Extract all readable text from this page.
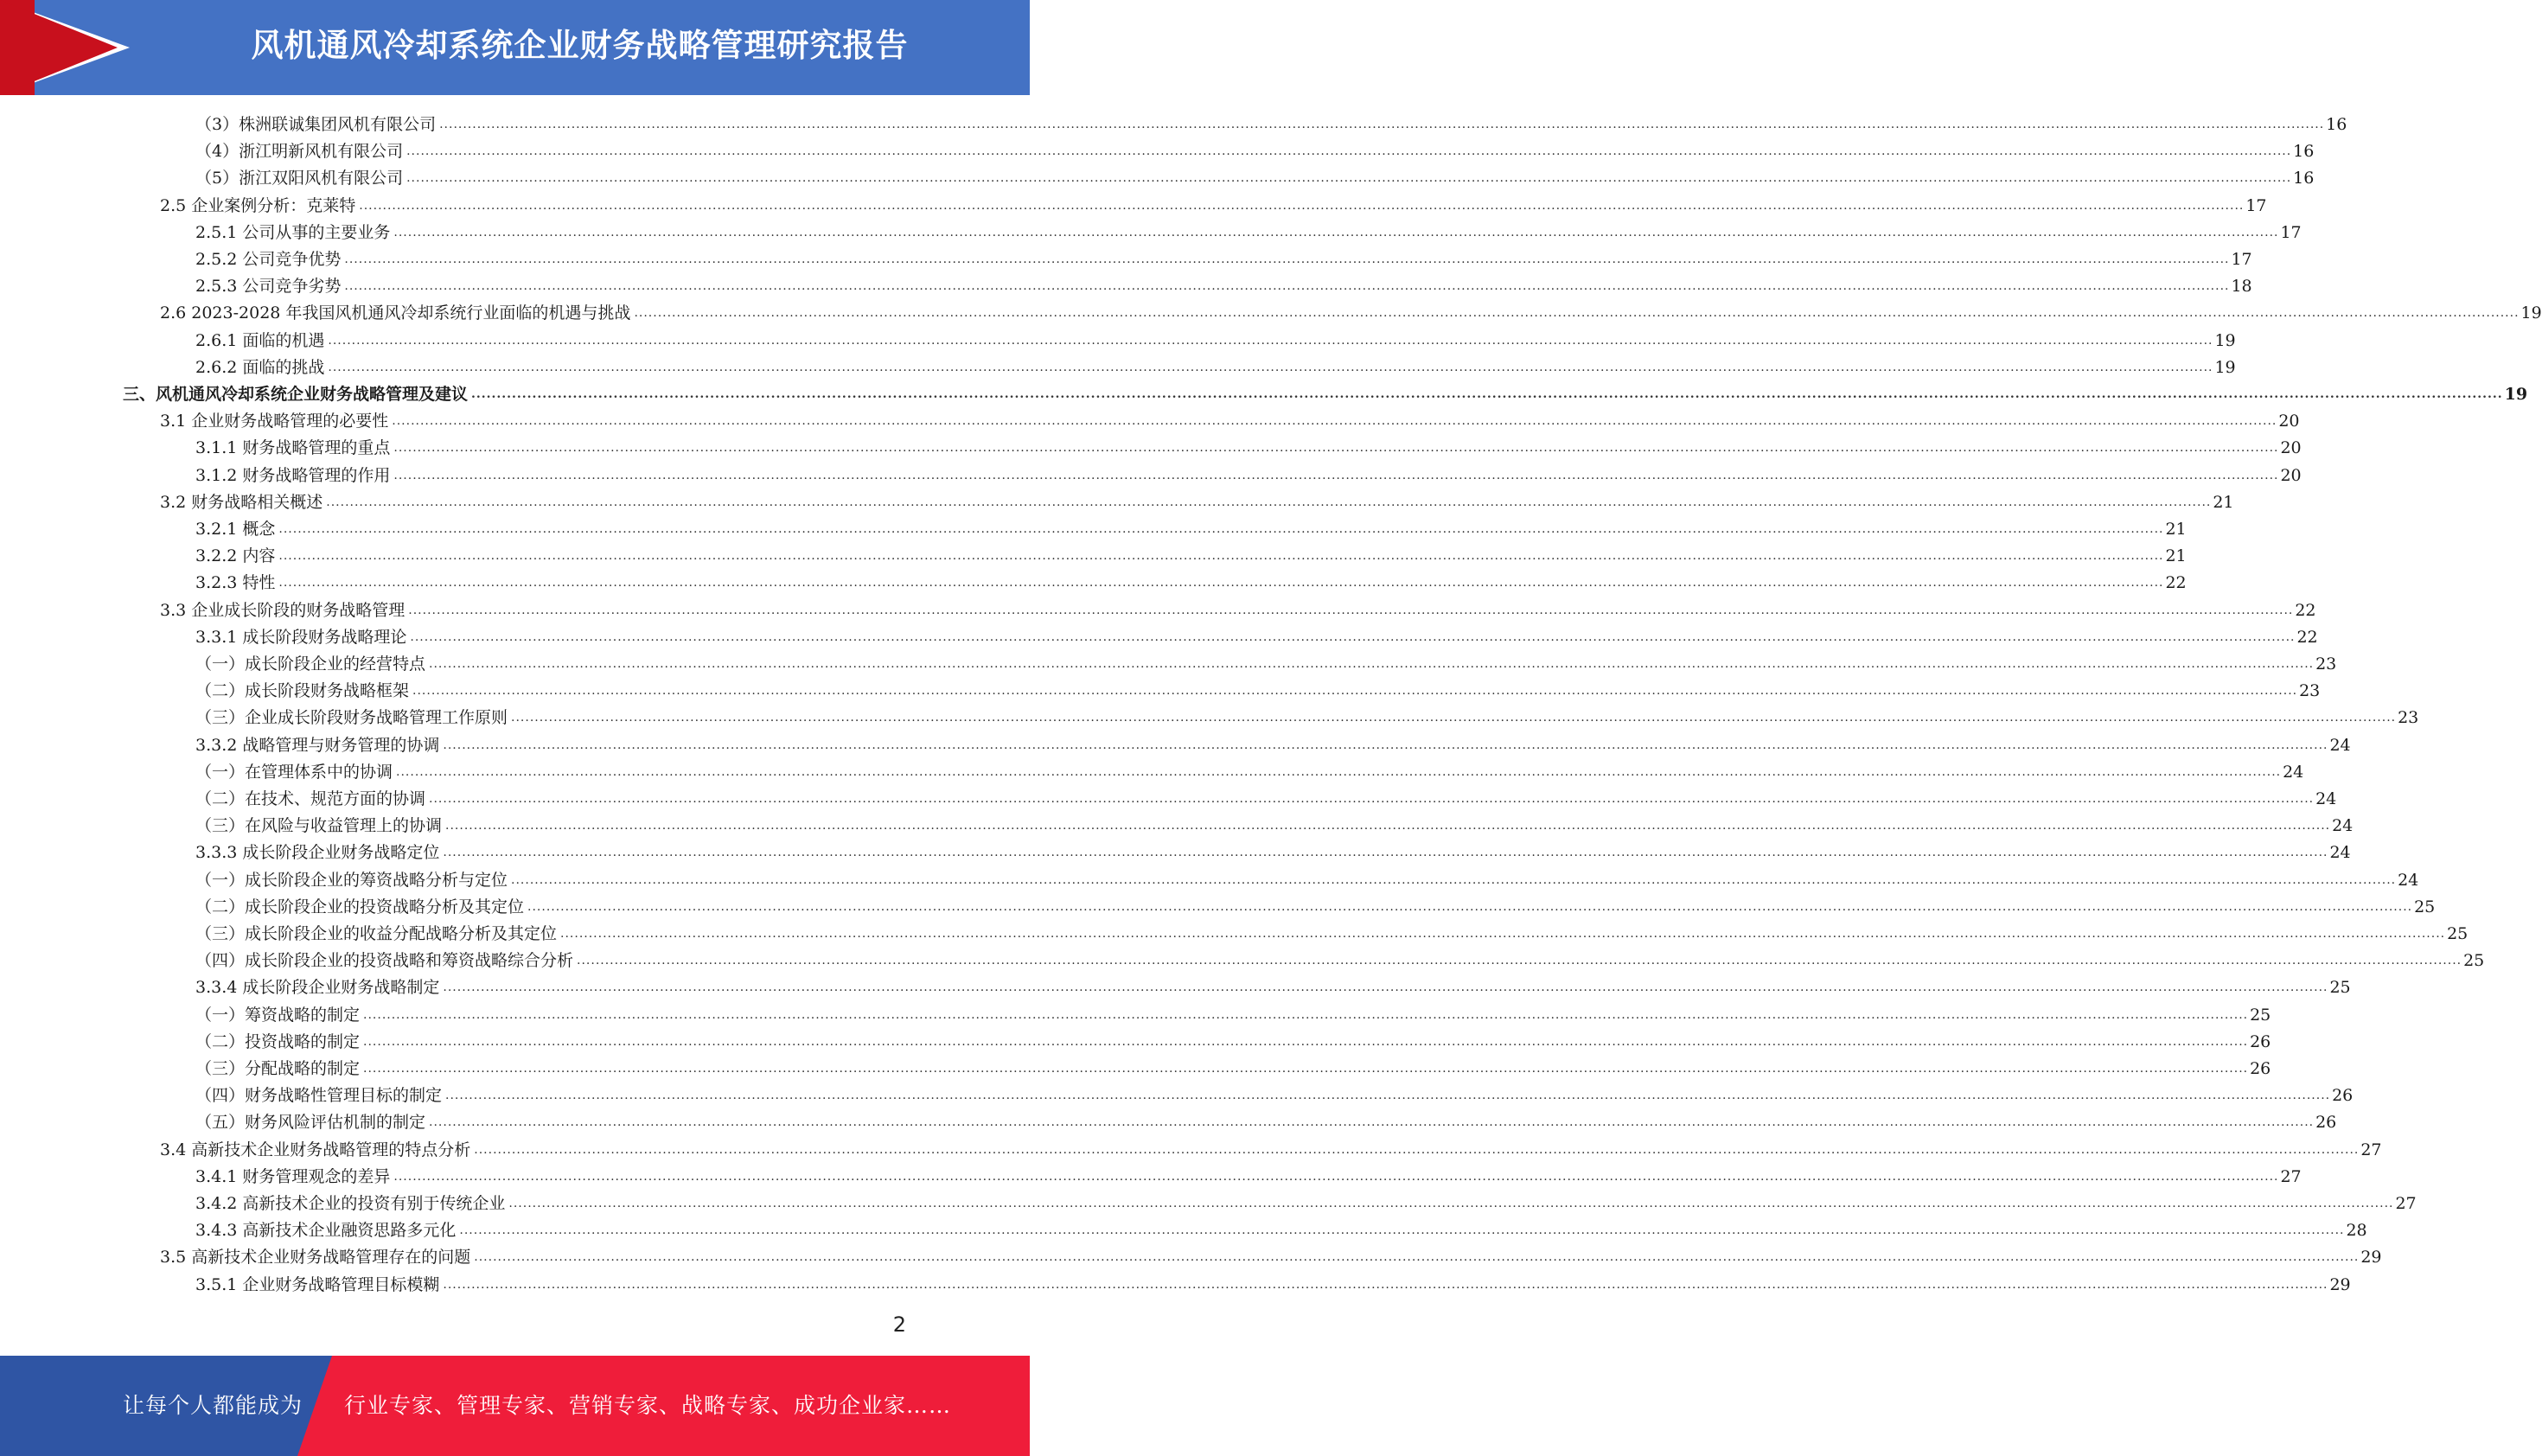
风机通风冷却系统企业财务战略管理研究报告
（3）株洲联诚集团风机有限公司 ................................................................................................................................................................................................................................................................................................................................................................................................................ 16
（4）浙江明新风机有限公司 ................................................................................................................................................................................................................................................................................................................................................................................................................ 16
（5）浙江双阳风机有限公司 ................................................................................................................................................................................................................................................................................................................................................................................................................ 16
2.5 企业案例分析：克莱特 ................................................................................................................................................................................................................................................................................................................................................................................................................ 17
2.5.1 公司从事的主要业务 ................................................................................................................................................................................................................................................................................................................................................................................................................ 17
2.5.2 公司竞争优势 ................................................................................................................................................................................................................................................................................................................................................................................................................ 17
2.5.3 公司竞争劣势 ................................................................................................................................................................................................................................................................................................................................................................................................................ 18
2.6 2023-2028 年我国风机通风冷却系统行业面临的机遇与挑战 ................................................................................................................................................................................................................................................................................................................................................................................................................ 19
2.6.1 面临的机遇 ................................................................................................................................................................................................................................................................................................................................................................................................................ 19
2.6.2 面临的挑战 ................................................................................................................................................................................................................................................................................................................................................................................................................ 19
三、风机通风冷却系统企业财务战略管理及建议 ................................................................................................................................................................................................................................................................................................................................................................................................................ 19
3.1 企业财务战略管理的必要性 ................................................................................................................................................................................................................................................................................................................................................................................................................ 20
3.1.1 财务战略管理的重点 ................................................................................................................................................................................................................................................................................................................................................................................................................ 20
3.1.2 财务战略管理的作用 ................................................................................................................................................................................................................................................................................................................................................................................................................ 20
3.2 财务战略相关概述 ................................................................................................................................................................................................................................................................................................................................................................................................................ 21
3.2.1 概念 ................................................................................................................................................................................................................................................................................................................................................................................................................ 21
3.2.2 内容 ................................................................................................................................................................................................................................................................................................................................................................................................................ 21
3.2.3 特性 ................................................................................................................................................................................................................................................................................................................................................................................................................ 22
3.3 企业成长阶段的财务战略管理 ................................................................................................................................................................................................................................................................................................................................................................................................................ 22
3.3.1 成长阶段财务战略理论 ................................................................................................................................................................................................................................................................................................................................................................................................................ 22
（一）成长阶段企业的经营特点 ................................................................................................................................................................................................................................................................................................................................................................................................................ 23
（二）成长阶段财务战略框架 ................................................................................................................................................................................................................................................................................................................................................................................................................ 23
（三）企业成长阶段财务战略管理工作原则 ................................................................................................................................................................................................................................................................................................................................................................................................................ 23
3.3.2 战略管理与财务管理的协调 ................................................................................................................................................................................................................................................................................................................................................................................................................ 24
（一）在管理体系中的协调 ................................................................................................................................................................................................................................................................................................................................................................................................................ 24
（二）在技术、规范方面的协调 ................................................................................................................................................................................................................................................................................................................................................................................................................ 24
（三）在风险与收益管理上的协调 ................................................................................................................................................................................................................................................................................................................................................................................................................ 24
3.3.3 成长阶段企业财务战略定位 ................................................................................................................................................................................................................................................................................................................................................................................................................ 24
（一）成长阶段企业的筹资战略分析与定位 ................................................................................................................................................................................................................................................................................................................................................................................................................ 24
（二）成长阶段企业的投资战略分析及其定位 ................................................................................................................................................................................................................................................................................................................................................................................................................ 25
（三）成长阶段企业的收益分配战略分析及其定位 ................................................................................................................................................................................................................................................................................................................................................................................................................ 25
（四）成长阶段企业的投资战略和筹资战略综合分析 ................................................................................................................................................................................................................................................................................................................................................................................................................ 25
3.3.4 成长阶段企业财务战略制定 ................................................................................................................................................................................................................................................................................................................................................................................................................ 25
（一）筹资战略的制定 ................................................................................................................................................................................................................................................................................................................................................................................................................ 25
（二）投资战略的制定 ................................................................................................................................................................................................................................................................................................................................................................................................................ 26
（三）分配战略的制定 ................................................................................................................................................................................................................................................................................................................................................................................................................ 26
（四）财务战略性管理目标的制定 ................................................................................................................................................................................................................................................................................................................................................................................................................ 26
（五）财务风险评估机制的制定 ................................................................................................................................................................................................................................................................................................................................................................................................................ 26
3.4 高新技术企业财务战略管理的特点分析 ................................................................................................................................................................................................................................................................................................................................................................................................................ 27
3.4.1 财务管理观念的差异 ................................................................................................................................................................................................................................................................................................................................................................................................................ 27
3.4.2 高新技术企业的投资有别于传统企业 ................................................................................................................................................................................................................................................................................................................................................................................................................ 27
3.4.3 高新技术企业融资思路多元化 ................................................................................................................................................................................................................................................................................................................................................................................................................ 28
3.5 高新技术企业财务战略管理存在的问题 ................................................................................................................................................................................................................................................................................................................................................................................................................ 29
3.5.1 企业财务战略管理目标模糊 ................................................................................................................................................................................................................................................................................................................................................................................................................ 29
2
让每个人都能成为 行业专家、管理专家、营销专家、战略专家、成功企业家……
